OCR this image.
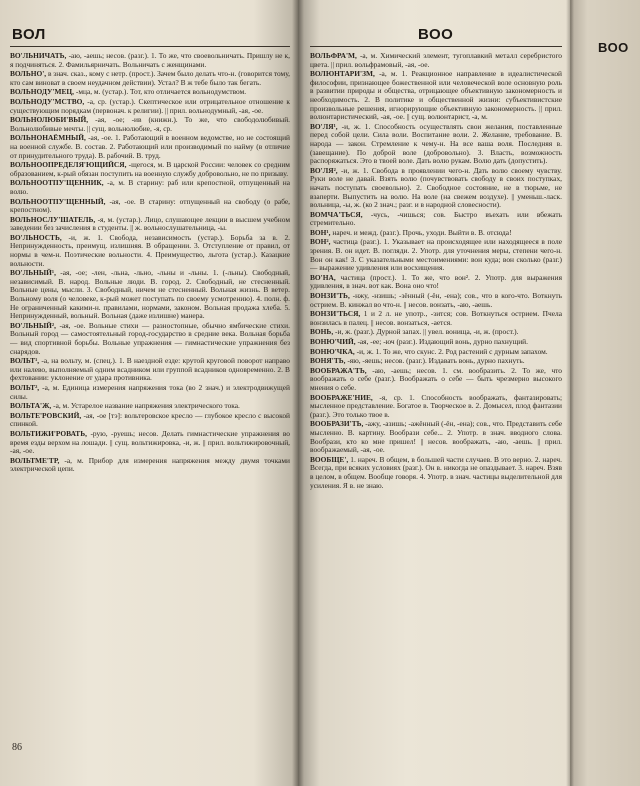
ВОЛ

ВО'ЛЬНИЧАТЬ, -аю, -аешь; несов. (разг.). 1. То же, что своевольничать. Пришлу не к, я подчиняться. 2. Фамильярничать. Вольничать с женщинами.

ВОЛЬНО', в знач. сказ., кому с нетр. (прост.). Зачем было делать что-н. (говорится тому, кто сам виноват в своем неудачном действии). Устал? В ж тебе было так бегать.

ВОЛЬНОДУ'МЕЦ, -мца, м. (устар.). Тот, кто отличается вольнодумством.

ВОЛЬНОДУ'МСТВО, -а, ср. (устар.). Скептическое или отрицательное отношение к существующим порядкам (первонач. к религии). || прил. вольнодумный, -ая, -ое.

ВОЛЬНОЛЮБИ'ВЫЙ, -ая, -ое; -ив (книжн.). То же, что свободолюбивый. Вольнолюбивые мечты. || сущ. вольнолюбие, -я, ср.

ВОЛЬНОНАЁМНЫЙ, -ая, -ое. 1. Работающий в военном ведомстве, но не состоящий на военной службе. В. состав. 2. Работающий или производимый по найму (в отличие от принудительного труда). В. рабочий. В. труд.

ВОЛЬНООПРЕДЕЛЯ'ЮЩИЙСЯ, -щегося, м. В царской России: человек со средним образованием, к-рый обязан поступить на военную службу добровольно, не по призыву.

ВОЛЬНООТПУ'ЩЕННИК, -а, м. В старину: раб или крепостной, отпущенный на волю.

ВОЛЬНООТПУ'ЩЕННЫЙ, -ая, -ое. В старину: отпущенный на свободу (о рабе, крепостном).

ВОЛЬНОСЛУ'ШАТЕЛЬ, -я, м. (устар.). Лицо, слушающее лекции в высшем учебном заведении без зачисления в студенты. || ж. вольнослушательница, -ы.

ВО'ЛЬНОСТЬ, -и, ж. 1. Свобода, независимость (устар.). Борьба за в. 2. Непринужденность, преимущ. излишняя. В обращении. 3. Отступление от правил, от нормы в чем-н. Поэтические вольности. 4. Преимущество, льгота (устар.). Казацкие вольности.

ВО'ЛЬНЫЙ¹, -ая, -ое; -лен, -льна, -льно, -льны и -льны. 1. (-льны). Свободный, независимый. В. народ. Вольные люди. В. город. 2. Свободный, не стесненный. Вольные цены, мысли. 3. Свободный, ничем не стесненный. Вольная жизнь. В ветер. Вольному воля (о человеке, к-рый может поступать по своему усмотрению). 4. полн. ф. Не ограниченный какими-н. правилами, нормами, законом. Вольная продажа хлеба. 5. Непринужденный, вольный. Вольная (даже излишне) манера.

ВО'ЛЬНЫЙ², -ая, -ое. Вольные стихи — разностопные, обычно ямбические стихи. Вольный город — самостоятельный город-государство в средние века. Вольная борьба — вид спортивной борьбы. Вольные упражнения — гимнастические упражнения без снарядов.

ВОЛЬТ¹, -а, на вольту, м. (спец.). 1. В наездной езде: крутой круговой поворот направо или налево, выполняемый одним всадником или группой всадников одновременно. 2. В фехтовании: уклонение от удара противника.

ВОЛЬТ², -а, м. Единица измерения напряжения тока (во 2 знач.) и электродвижущей силы.

ВОЛЬТА'Ж, -а, м. Устарелое название напряжения электрического тока.

ВОЛЬТЕ'РОВСКИЙ, -ая, -ое [тэ]: вольтеровское кресло — глубокое кресло с высокой спинкой.

ВОЛЬТИЖИ'РОВАТЬ, -рую, -руешь; несов. Делать гимнастические упражнения во время езды верхом на лошади. || сущ. вольтижировка, -и, ж. || прил. вольтижировочный, -ая, -ое.

ВОЛЬТМЕ'ТР, -а, м. Прибор для измерения напряжения между двумя точками электрической цепи.

86
ВОО

ВОЛЬФРА'М, -а, м. Химический элемент, тугоплавкий металл серебристого цвета. || прил. вольфрамовый, -ая, -ое.

ВОЛЮНТАРИ'ЗМ, -а, м. 1. Реакционное направление в идеалистической философии, признающее божественной или человеческой воле основную роль в развитии природы и общества, отрицающее объективную закономерность и необходимость. 2. В политике и общественной жизни: субъективистские произвольные решения, игнорирующие объективную закономерность. || прил. волюнтаристический, -ая, -ое. || сущ. волюнтарист, -а, м.

ВО'ЛЯ¹, -и, ж. 1. Способность осуществлять свои желания, поставленные перед собой цели. Сила воли. Воспитание воли. 2. Желание, требование. В. народа — закон. Стремление к чему-н. На все ваша воля. Последняя в. (завещание). По доброй воле (добровольно). 3. Власть, возможность распоряжаться. Это в твоей воле. Дать волю рукам. Волю дать (допустить).

ВО'ЛЯ², -и, ж. 1. Свобода в проявлении чего-н. Дать волю своему чувству. Руки воле не давай. Взять волю (почувствовать свободу в своих поступках, начать поступать своевольно). 2. Свободное состояние, не в тюрьме, не взаперти. Выпустить на волю. На воле (на свежем воздухе). || уменьш.-ласк. вольница, -ы, ж. (ко 2 знач.; разг. и в народной словесности).

ВОМЧА'ТЬСЯ, -чусь, -чишься; сов. Быстро въехать или вбежать стремительно.

ВОН¹, нареч. и межд. (разг.). Прочь, уходи. Выйти в. В. отсюда!

ВОН², частица (разг.). 1. Указывает на происходящее или находящееся в поле зрения. В. он идет. В. погляди. 2. Употр. для уточнения меры, степени чего-н. Вон он как! 3. С указательными местоимениями: вон куда; вон сколько (разг.) — выражение удивления или восхищения.

ВО'НА, частица (прост.). 1. То же, что вон². 2. Употр. для выражения удивления, в знач. вот как. Вона оно что!

ВОНЗИ'ТЬ, -нжу, -нзишь; -зённый (-ён, -ена); сов., что в кого-что. Воткнуть острием. В. кинжал во что-н. || несов. вонзать, -аю, -аешь.

ВОНЗИ'ТЬСЯ, 1 и 2 л. не употр., -зится; сов. Воткнуться острием. Пчела вонзилась в палец. || несов. вонзаться, -ается.

ВОНЬ, -и, ж. (разг.). Дурной запах. || увел. вонища, -и, ж. (прост.).

ВОНЮ'ЧИЙ, -ая, -ее; -юч (разг.). Издающий вонь, дурно пахнущий.

ВОНЮ'ЧКА, -и, ж. 1. То же, что скунс. 2. Род растений с дурным запахом.

ВОНЯ'ТЬ, -яю, -яешь; несов. (разг.). Издавать вонь, дурно пахнуть.

ВООБРАЖА'ТЬ, -аю, -аешь; несов. 1. см. вообразить. 2. То же, что воображать о себе (разг.). Воображать о себе — быть чрезмерно высокого мнения о себе.

ВООБРАЖЕ'НИЕ, -я, ср. 1. Способность воображать, фантазировать; мысленное представление. Богатое в. Творческое в. 2. Домысел, плод фантазии (разг.). Это только твое в.

ВООБРАЗИ'ТЬ, -ажу, -азишь; -ажённый (-ён, -ена); сов., что. Представить себе мысленно. В. картину. Вообрази себе... 2. Употр. в знач. вводного слова. Вообрази, кто ко мне пришел! || несов. воображать, -аю, -аешь. || прил. воображаемый, -ая, -ое.

ВООБЩЕ', 1. нареч. В общем, в большей части случаев. В это верно. 2. нареч. Всегда, при всяких условиях (разг.). Он в. никогда не опаздывает. 3. нареч. Взяв в целом, в общем. Вообще говоря. 4. Употр. в знач. частицы выделительной для усиления. Я в. не знаю.

ВОО
